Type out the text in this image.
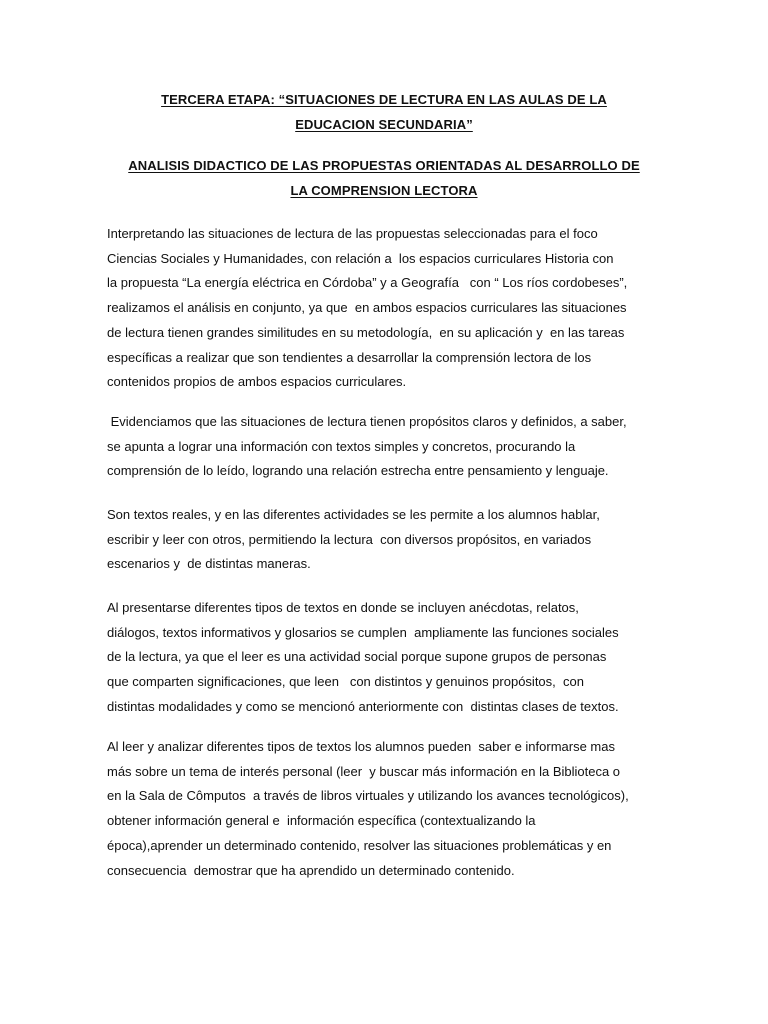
TERCERA ETAPA: “SITUACIONES DE LECTURA EN LAS AULAS DE LA
EDUCACION SECUNDARIA”
ANALISIS DIDACTICO DE LAS PROPUESTAS ORIENTADAS AL DESARROLLO DE
LA COMPRENSION LECTORA
Interpretando las situaciones de lectura de las propuestas seleccionadas para el foco
Ciencias Sociales y Humanidades, con relación a  los espacios curriculares Historia con
la propuesta “La energía eléctrica en Córdoba” y a Geografía   con “ Los ríos cordobeses”,
realizamos el análisis en conjunto, ya que  en ambos espacios curriculares las situaciones
de lectura tienen grandes similitudes en su metodología,  en su aplicación y  en las tareas
específicas a realizar que son tendientes a desarrollar la comprensión lectora de los
contenidos propios de ambos espacios curriculares.
Evidenciamos que las situaciones de lectura tienen propósitos claros y definidos, a saber,
se apunta a lograr una información con textos simples y concretos, procurando la
comprensión de lo leído, logrando una relación estrecha entre pensamiento y lenguaje.
Son textos reales, y en las diferentes actividades se les permite a los alumnos hablar,
escribir y leer con otros, permitiendo la lectura  con diversos propósitos, en variados
escenarios y  de distintas maneras.
Al presentarse diferentes tipos de textos en donde se incluyen anécdotas, relatos,
diálogos, textos informativos y glosarios se cumplen  ampliamente las funciones sociales
de la lectura, ya que el leer es una actividad social porque supone grupos de personas
que comparten significaciones, que leen   con distintos y genuinos propósitos,  con
distintas modalidades y como se mencionó anteriormente con  distintas clases de textos.
Al leer y analizar diferentes tipos de textos los alumnos pueden  saber e informarse mas
más sobre un tema de interés personal (leer  y buscar más información en la Biblioteca o
en la Sala de Cômputos  a través de libros virtuales y utilizando los avances tecnológicos),
obtener información general e  información específica (contextualizando la
época),aprender un determinado contenido, resolver las situaciones problemáticas y en
consecuencia  demostrar que ha aprendido un determinado contenido.
